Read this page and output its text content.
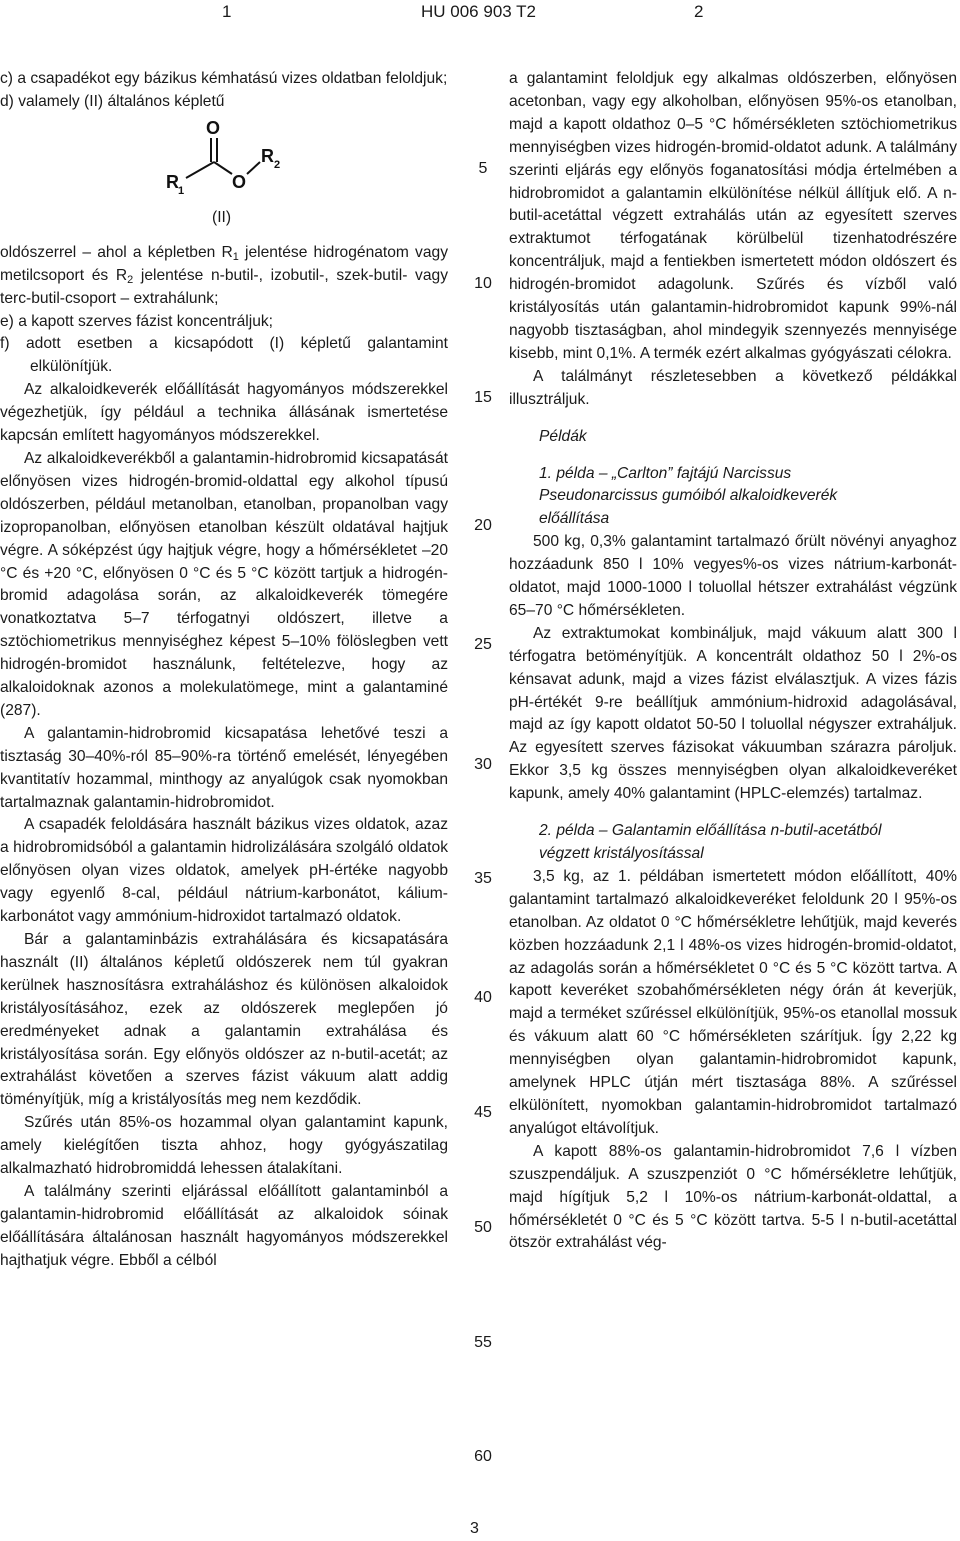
1	HU 006 903 T2	2

c) a csapadékot egy bázikus kémhatású vizes oldatban feloldjuk;

d) valamely (II) általános képletű

O
O
R 1
R 2
(II)

oldószerrel – ahol a képletben $R_1$ jelentése hidrogénatom vagy metilcsoport és $R_2$ jelentése n-butil-, izobutil-, szek-butil- vagy terc-butil-csoport – extrahálunk;

e) a kapott szerves fázist koncentráljuk;

f) adott esetben a kicsapódott (I) képletű galantamint elkülönítjük.

Az alkaloidkeverék előállítását hagyományos módszerekkel végezhetjük, így például a technika állásának ismertetése kapcsán említett hagyományos módszerekkel.

Az alkaloidkeverékből a galantamin-hidrobromid kicsapatását előnyösen vizes hidrogén-bromid-oldattal egy alkohol típusú oldószerben, például metanolban, etanolban, propanolban vagy izopropanolban, előnyösen etanolban készült oldatával hajtjuk végre. A sóképzést úgy hajtjuk végre, hogy a hőmérsékletet –20 °C és +20 °C, előnyösen 0 °C és 5 °C között tartjuk a hidrogén-bromid adagolása során, az alkaloidkeverék tömegére vonatkoztatva 5–7 térfogatnyi oldószert, illetve a sztöchiometrikus mennyiséghez képest 5–10% fölöslegben vett hidrogén-bromidot használunk, feltételezve, hogy az alkaloidoknak azonos a molekulatömege, mint a galantaminé (287).

A galantamin-hidrobromid kicsapatása lehetővé teszi a tisztaság 30–40%-ról 85–90%-ra történő emelését, lényegében kvantitatív hozammal, minthogy az anyalúgok csak nyomokban tartalmaznak galantamin-hidrobromidot.

A csapadék feloldására használt bázikus vizes oldatok, azaz a hidrobromidsóból a galantamin hidrolizálására szolgáló oldatok előnyösen olyan vizes oldatok, amelyek pH-értéke nagyobb vagy egyenlő 8-cal, például nátrium-karbonátot, kálium-karbonátot vagy ammónium-hidroxidot tartalmazó oldatok.

Bár a galantaminbázis extrahálására és kicsapatására használt (II) általános képletű oldószerek nem túl gyakran kerülnek hasznosításra extraháláshoz és különösen alkaloidok kristályosításához, ezek az oldószerek meglepően jó eredményeket adnak a galantamin extrahálása és kristályosítása során. Egy előnyös oldószer az n-butil-acetát; az extrahálást követően a szerves fázist vákuum alatt addig töményítjük, míg a kristályosítás meg nem kezdődik.

Szűrés után 85%-os hozammal olyan galantamint kapunk, amely kielégítően tiszta ahhoz, hogy gyógyászatilag alkalmazható hidrobromiddá lehessen átalakítani.

A találmány szerinti eljárással előállított galantaminból a galantamin-hidrobromid előállítását az alkaloidok sóinak előállítására általánosan használt hagyományos módszerekkel hajthatjuk végre. Ebből a célból

5
10
15
20
25
30
35
40
45
50
55
60

a galantamint feloldjuk egy alkalmas oldószerben, előnyösen acetonban, vagy egy alkoholban, előnyösen 95%-os etanolban, majd a kapott oldathoz 0–5 °C hőmérsékleten sztöchiometrikus mennyiségben vizes hidrogén-bromid-oldatot adunk. A találmány szerinti eljárás egy előnyös foganatosítási módja értelmében a hidrobromidot a galantamin elkülönítése nélkül állítjuk elő. A n-butil-acetáttal végzett extrahálás után az egyesített szerves extraktumot térfogatának körülbelül tizenhatodrészére koncentráljuk, majd a fentiekben ismertetett módon oldószert és hidrogén-bromidot adagolunk. Szűrés és vízből való kristályosítás után galantamin-hidrobromidot kapunk 99%-nál nagyobb tisztaságban, ahol mindegyik szennyezés mennyisége kisebb, mint 0,1%. A termék ezért alkalmas gyógyászati célokra.

A találmányt részletesebben a következő példákkal illusztráljuk.

Példák

1. példa – „Carlton” fajtájú Narcissus

Pseudonarcissus gumóiból alkaloidkeverék

előállítása

500 kg, 0,3% galantamint tartalmazó őrült növényi anyaghoz hozzáadunk 850 l 10% vegyes%-os vizes nátrium-karbonát-oldatot, majd 1000-1000 l toluollal hétszer extrahálást végzünk 65–70 °C hőmérsékleten.

Az extraktumokat kombináljuk, majd vákuum alatt 300 l térfogatra betöményítjük. A koncentrált oldathoz 50 l 2%-os kénsavat adunk, majd a vizes fázist elválasztjuk. A vizes fázis pH-értékét 9-re beállítjuk ammónium-hidroxid adagolásával, majd az így kapott oldatot 50-50 l toluollal négyszer extraháljuk. Az egyesített szerves fázisokat vákuumban szárazra pároljuk. Ekkor 3,5 kg összes mennyiségben olyan alkaloidkeveréket kapunk, amely 40% galantamint (HPLC-elemzés) tartalmaz.

2. példa – Galantamin előállítása n-butil-acetátból

végzett kristályosítással

3,5 kg, az 1. példában ismertetett módon előállított, 40% galantamint tartalmazó alkaloidkeveréket feloldunk 20 l 95%-os etanolban. Az oldatot 0 °C hőmérsékletre lehűtjük, majd keverés közben hozzáadunk 2,1 l 48%-os vizes hidrogén-bromid-oldatot, az adagolás során a hőmérsékletet 0 °C és 5 °C között tartva. A kapott keveréket szobahőmérsékleten négy órán át keverjük, majd a terméket szűréssel elkülönítjük, 95%-os etanollal mossuk és vákuum alatt 60 °C hőmérsékleten szárítjuk. Így 2,22 kg mennyiségben olyan galantamin-hidrobromidot kapunk, amelynek HPLC útján mért tisztasága 88%. A szűréssel elkülönített, nyomokban galantamin-hidrobromidot tartalmazó anyalúgot eltávolítjuk.

A kapott 88%-os galantamin-hidrobromidot 7,6 l vízben szuszpendáljuk. A szuszpenziót 0 °C hőmérsékletre lehűtjük, majd hígítjuk 5,2 l 10%-os nátrium-karbonát-oldattal, a hőmérsékletét 0 °C és 5 °C között tartva. 5-5 l n-butil-acetáttal ötször extrahálást vég-

3
